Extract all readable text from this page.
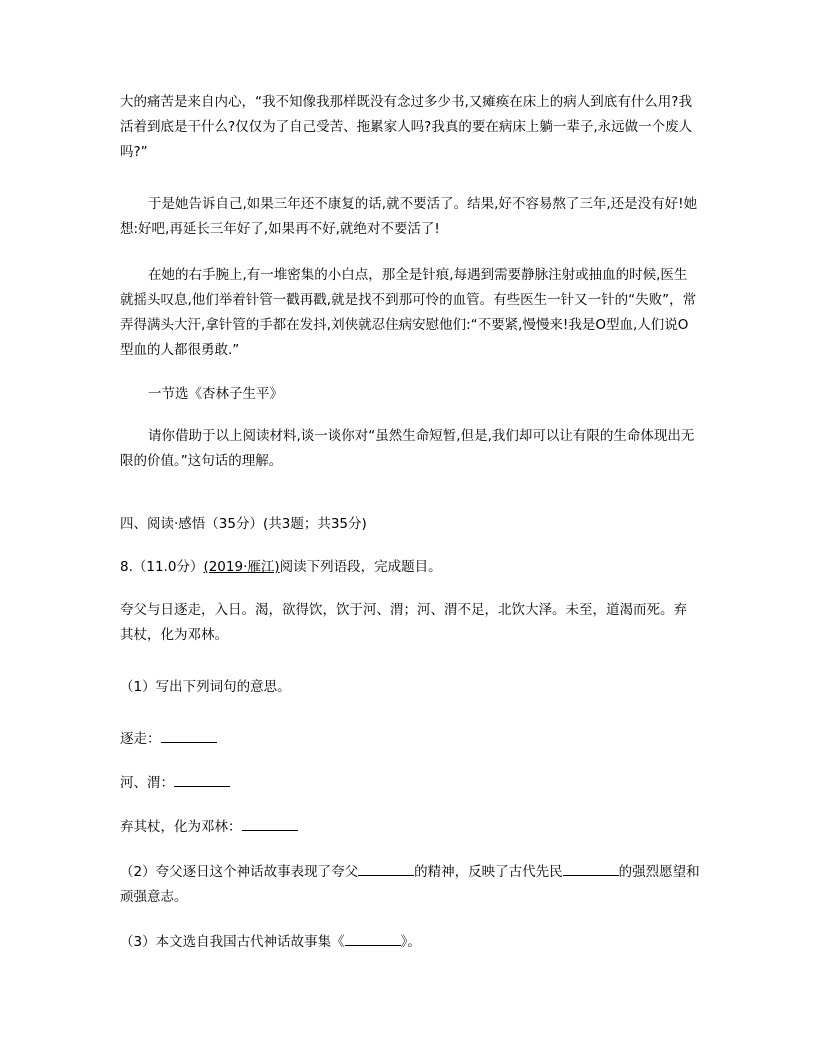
大的痛苦是来自内心，“我不知像我那样既没有念过多少书,又瘫痪在床上的病人到底有什么用?我活着到底是干什么?仅仅为了自己受苦、拖累家人吗?我真的要在病床上躺一辈子,永远做一个废人吗?”

于是她告诉自己,如果三年还不康复的话,就不要活了。结果,好不容易熬了三年,还是没有好!她想:好吧,再延长三年好了,如果再不好,就绝对不要活了!

在她的右手腕上,有一堆密集的小白点，那全是针痕,每遇到需要静脉注射或抽血的时候,医生就摇头叹息,他们举着针管一戳再戳,就是找不到那可怜的血管。有些医生一针又一针的“失败”，常弄得满头大汗,拿针管的手都在发抖,刘侠就忍住病安慰他们:“不要紧,慢慢来!我是O型血,人们说O型血的人都很勇敢.”

一节选《杏林子生平》

请你借助于以上阅读材料,谈一谈你对“虽然生命短暂,但是,我们却可以让有限的生命体现出无限的价值。”这句话的理解。

四、阅读·感悟（35分）(共3题；共35分)

8.（11.0分）(2019·雁江)阅读下列语段，完成题目。

夸父与日逐走，入日。渴，欲得饮，饮于河、渭；河、渭不足，北饮大泽。未至，道渴而死。弃其杖，化为邓林。

（1）写出下列词句的意思。

逐走：

河、渭：

弃其杖，化为邓林：

（2）夸父逐日这个神话故事表现了夸父	的精神，反映了古代先民	的强烈愿望和顽强意志。

（3）本文选自我国古代神话故事集《	》。
